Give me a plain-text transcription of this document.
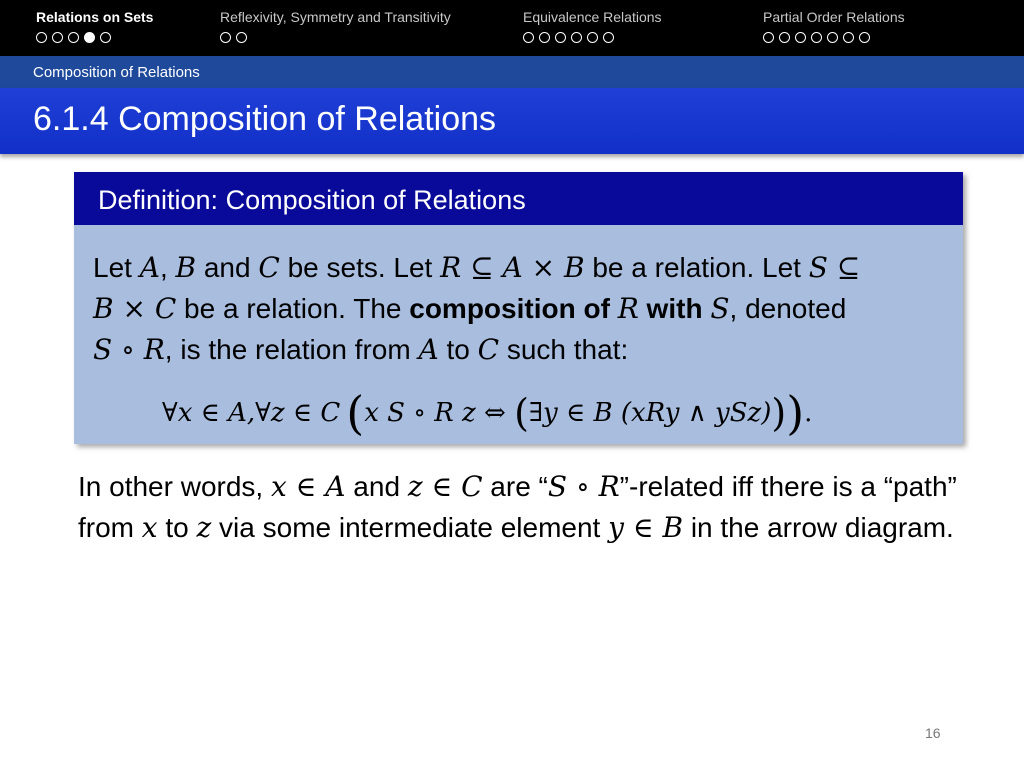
Relations on Sets	Reflexivity, Symmetry and Transitivity	Equivalence Relations	Partial Order Relations
Composition of Relations
6.1.4 Composition of Relations
Definition: Composition of Relations
Let A, B and C be sets. Let R ⊆ A × B be a relation. Let S ⊆
B × C be a relation. The composition of R with S, denoted
S ∘ R, is the relation from A to C such that:
∀x ∈ A,∀z ∈ C ( x S ∘ R z ⇔ ( ∃y ∈ B (xRy ∧ ySz) ) ) .
In other words, x ∈ A and z ∈ C are “S ∘ R”-related iff there is a “path” from x to z via some intermediate element y ∈ B in the arrow diagram.
16
